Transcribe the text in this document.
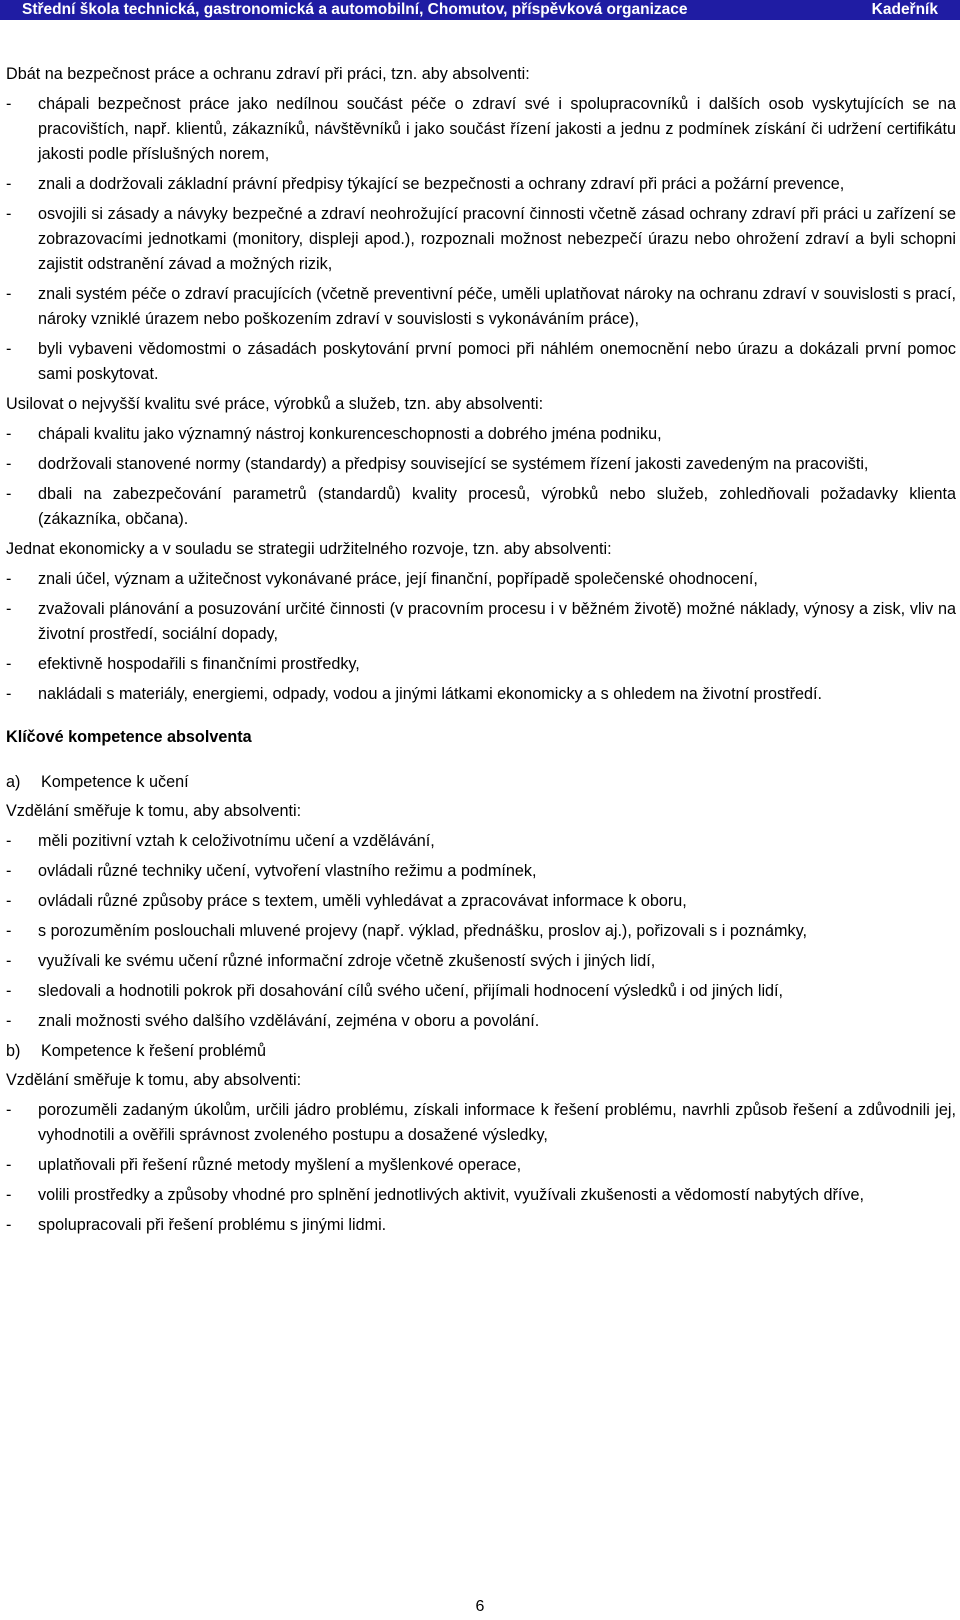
Střední škola technická, gastronomická a automobilní, Chomutov, příspěvková organizace	Kadeřník

Dbát na bezpečnost práce a ochranu zdraví při práci, tzn. aby absolventi:

- chápali bezpečnost práce jako nedílnou součást péče o zdraví své i spolupracovníků i dalších osob vyskytujících se na pracovištích, např. klientů, zákazníků, návštěvníků i jako součást řízení jakosti a jednu z podmínek získání či udržení certifikátu jakosti podle příslušných norem,
- znali a dodržovali základní právní předpisy týkající se bezpečnosti a ochrany zdraví při práci a požární prevence,
- osvojili si zásady a návyky bezpečné a zdraví neohrožující pracovní činnosti včetně zásad ochrany zdraví při práci u zařízení se zobrazovacími jednotkami (monitory, displeji apod.), rozpoznali možnost nebezpečí úrazu nebo ohrožení zdraví a byli schopni zajistit odstranění závad a možných rizik,
- znali systém péče o zdraví pracujících (včetně preventivní péče, uměli uplatňovat nároky na ochranu zdraví v souvislosti s prací, nároky vzniklé úrazem nebo poškozením zdraví v souvislosti s vykonáváním práce),
- byli vybaveni vědomostmi o zásadách poskytování první pomoci při náhlém onemocnění nebo úrazu a dokázali první pomoc sami poskytovat.

Usilovat o nejvyšší kvalitu své práce, výrobků a služeb, tzn. aby absolventi:

- chápali kvalitu jako významný nástroj konkurenceschopnosti a dobrého jména podniku,
- dodržovali stanovené normy (standardy) a předpisy související se systémem řízení jakosti zavedeným na pracovišti,
- dbali na zabezpečování parametrů (standardů) kvality procesů, výrobků nebo služeb, zohledňovali požadavky klienta (zákazníka, občana).

Jednat ekonomicky a v souladu se strategii udržitelného rozvoje, tzn. aby absolventi:

- znali účel, význam a užitečnost vykonávané práce, její finanční, popřípadě společenské ohodnocení,
- zvažovali plánování a posuzování určité činnosti (v pracovním procesu i v běžném životě) možné náklady, výnosy a zisk, vliv na životní prostředí, sociální dopady,
- efektivně hospodařili s finančními prostředky,
- nakládali s materiály, energiemi, odpady, vodou a jinými látkami ekonomicky a s ohledem na životní prostředí.

Klíčové kompetence absolventa

a) Kompetence k učení

Vzdělání směřuje k tomu, aby absolventi:

- měli pozitivní vztah k celoživotnímu učení a vzdělávání,
- ovládali různé techniky učení, vytvoření vlastního režimu a podmínek,
- ovládali různé způsoby práce s textem, uměli vyhledávat a zpracovávat informace k oboru,
- s porozuměním poslouchali mluvené projevy (např. výklad, přednášku, proslov aj.), pořizovali s i poznámky,
- využívali ke svému učení různé informační zdroje včetně zkušeností svých i jiných lidí,
- sledovali a hodnotili pokrok při dosahování cílů svého učení, přijímali hodnocení výsledků i od jiných lidí,
- znali možnosti svého dalšího vzdělávání, zejména v oboru a povolání.

b) Kompetence k řešení problémů

Vzdělání směřuje k tomu, aby absolventi:

- porozuměli zadaným úkolům, určili jádro problému, získali informace k řešení problému, navrhli způsob řešení a zdůvodnili jej, vyhodnotili a ověřili správnost zvoleného postupu a dosažené výsledky,
- uplatňovali při řešení různé metody myšlení a myšlenkové operace,
- volili prostředky a způsoby vhodné pro splnění jednotlivých aktivit, využívali zkušenosti a vědomostí nabytých dříve,
- spolupracovali při řešení problému s jinými lidmi.
6
